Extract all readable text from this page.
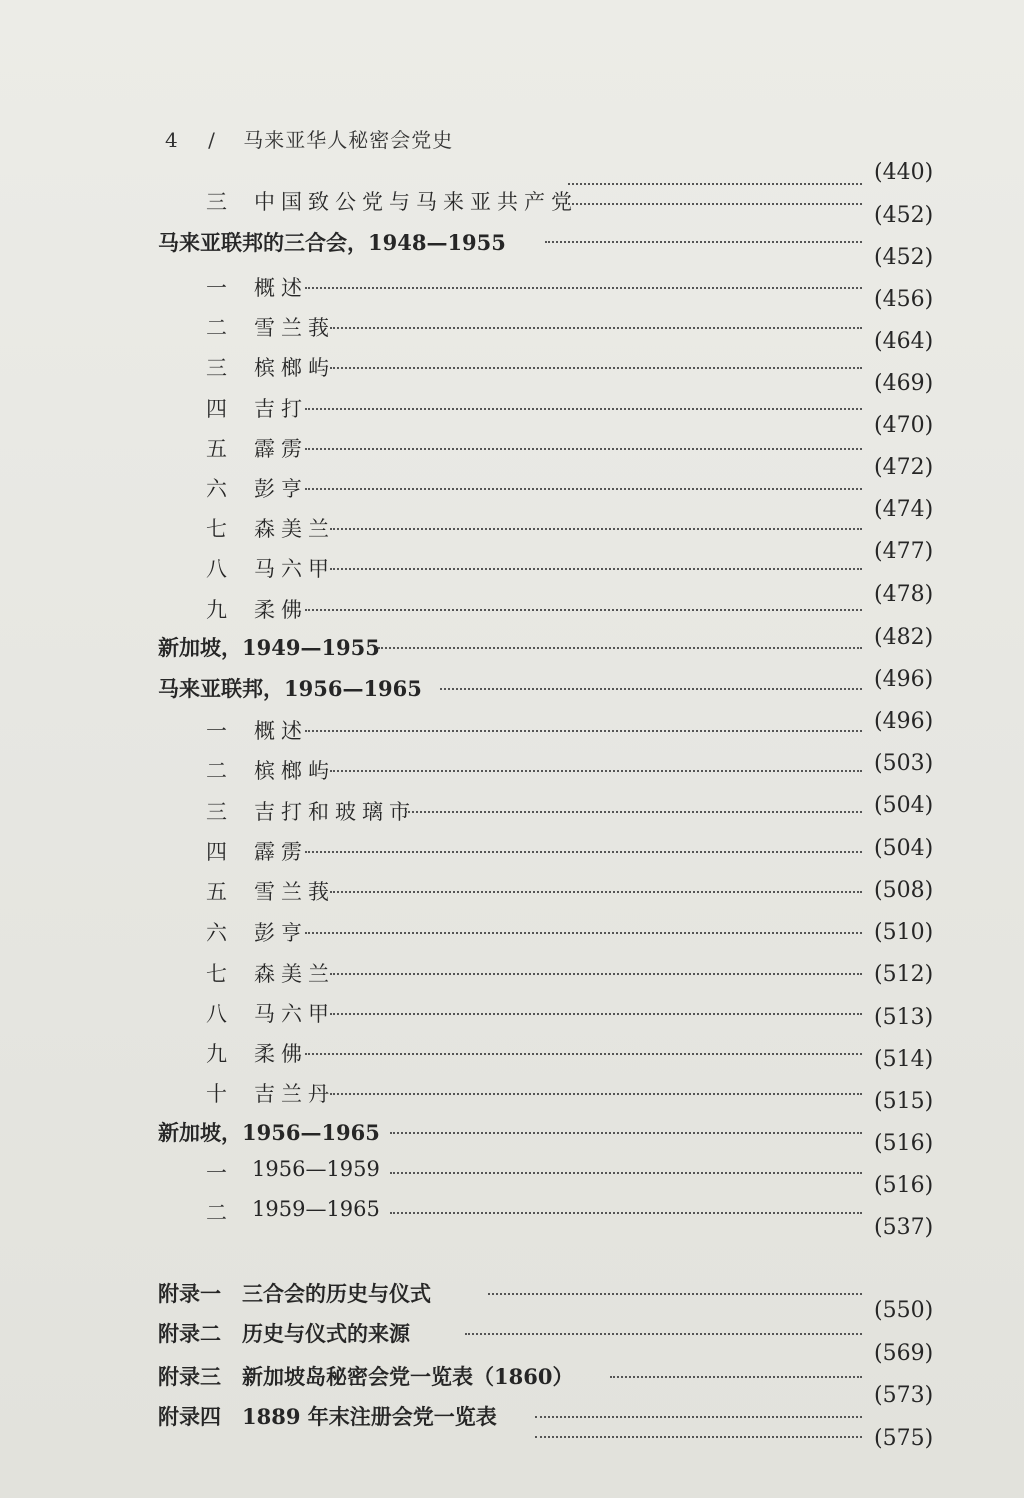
4 / 马来亚华人秘密会党史
三 中国致公党与马来亚共产党
马来亚联邦的三合会，1948—1955
一 概述
二 雪兰莪
三 槟榔屿
四 吉打
五 霹雳
六 彭亨
七 森美兰
八 马六甲
九 柔佛
新加坡，1949—1955
马来亚联邦，1956—1965
一 概述
二 槟榔屿
三 吉打和玻璃市
四 霹雳
五 雪兰莪
六 彭亨
七 森美兰
八 马六甲
九 柔佛
十 吉兰丹
新加坡，1956—1965
一 1956—1959
二 1959—1965
附录一　三合会的历史与仪式
附录二　历史与仪式的来源
附录三　新加坡岛秘密会党一览表（1860）
附录四　1889 年末注册会党一览表
(440)
(452)
(452)
(456)
(464)
(469)
(470)
(472)
(474)
(477)
(478)
(482)
(496)
(496)
(503)
(504)
(504)
(508)
(510)
(512)
(513)
(514)
(515)
(516)
(516)
(537)
(550)
(569)
(573)
(575)
